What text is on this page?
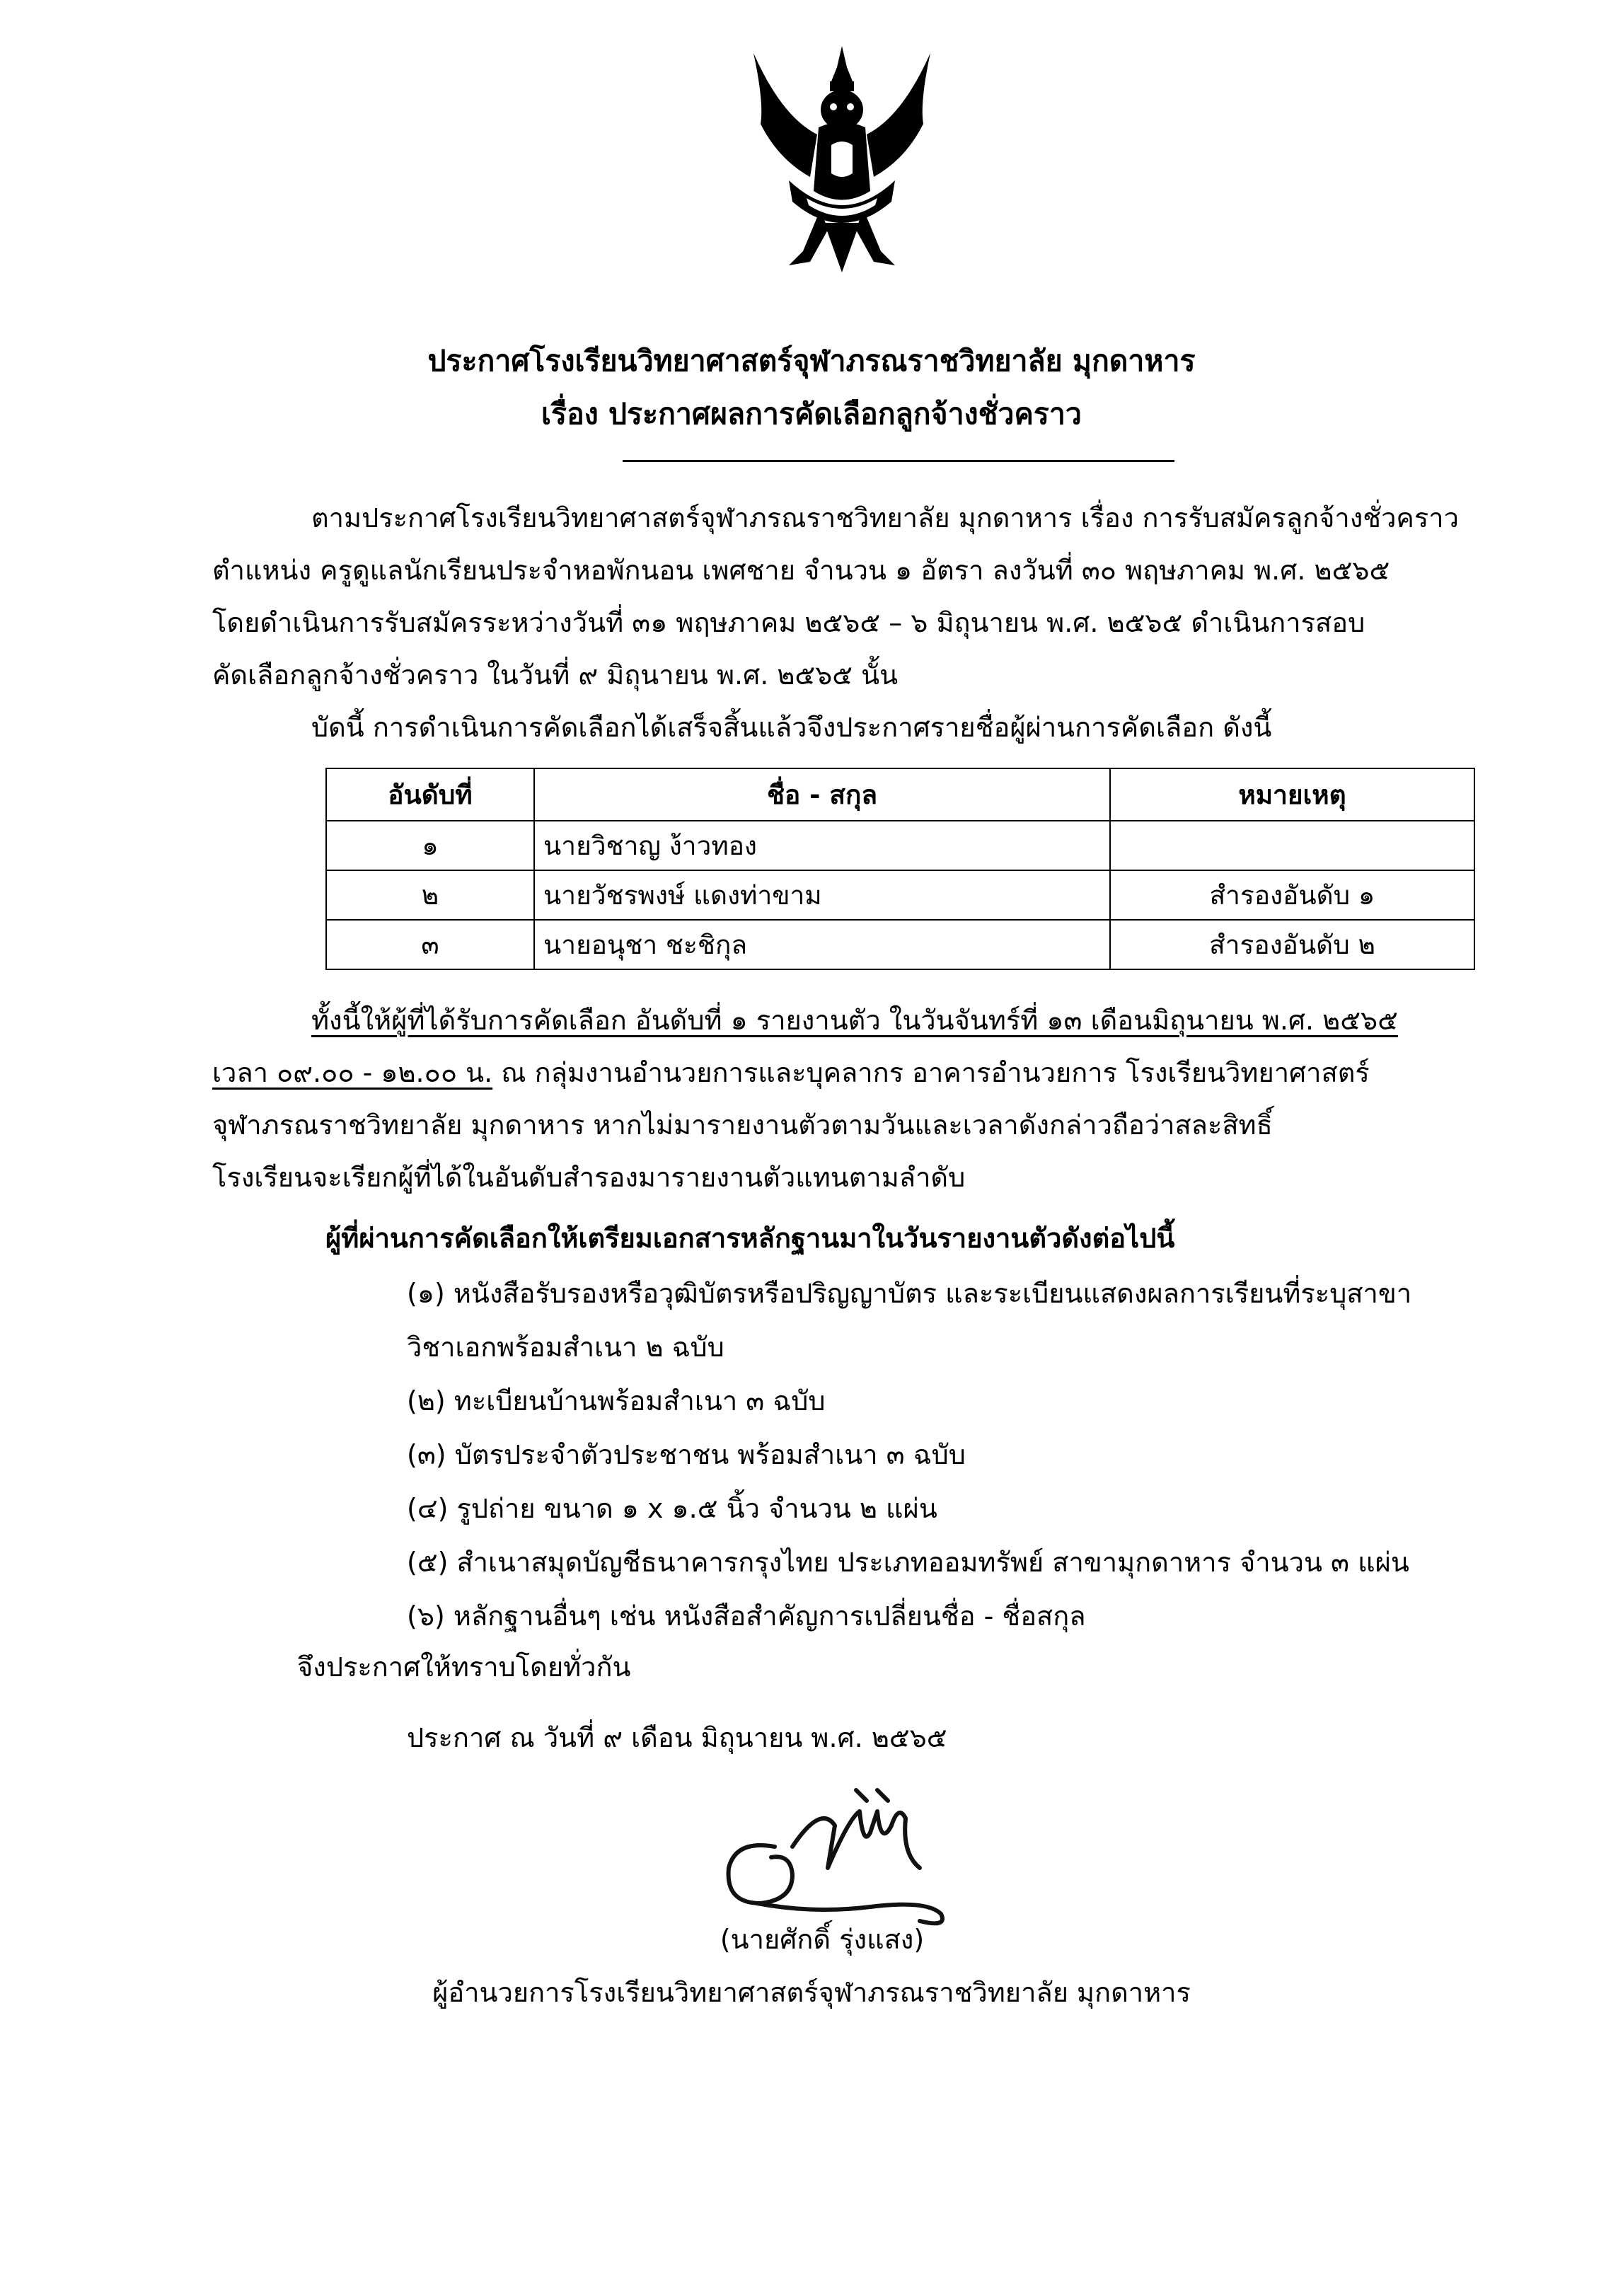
ประกาศโรงเรียนวิทยาศาสตร์จุฬาภรณราชวิทยาลัย มุกดาหาร
เรื่อง ประกาศผลการคัดเลือกลูกจ้างชั่วคราว

ตามประกาศโรงเรียนวิทยาศาสตร์จุฬาภรณราชวิทยาลัย มุกดาหาร เรื่อง การรับสมัครลูกจ้างชั่วคราว
ตำแหน่ง ครูดูแลนักเรียนประจำหอพักนอน เพศชาย จำนวน ๑ อัตรา ลงวันที่ ๓๐ พฤษภาคม พ.ศ. ๒๕๖๕
โดยดำเนินการรับสมัครระหว่างวันที่ ๓๑ พฤษภาคม ๒๕๖๕ – ๖ มิถุนายน พ.ศ. ๒๕๖๕ ดำเนินการสอบ
คัดเลือกลูกจ้างชั่วคราว ในวันที่ ๙ มิถุนายน พ.ศ. ๒๕๖๕ นั้น
บัดนี้ การดำเนินการคัดเลือกได้เสร็จสิ้นแล้วจึงประกาศรายชื่อผู้ผ่านการคัดเลือก ดังนี้

อันดับที่	ชื่อ - สกุล	หมายเหตุ
๑	นายวิชาญ ง้าวทอง	
๒	นายวัชรพงษ์ แดงท่าขาม	สำรองอันดับ ๑
๓	นายอนุชา ชะชิกุล	สำรองอันดับ ๒

ทั้งนี้ให้ผู้ที่ได้รับการคัดเลือก อันดับที่ ๑ รายงานตัว ในวันจันทร์ที่ ๑๓ เดือนมิถุนายน พ.ศ. ๒๕๖๕
เวลา ๐๙.๐๐ - ๑๒.๐๐ น. ณ กลุ่มงานอำนวยการและบุคลากร อาคารอำนวยการ โรงเรียนวิทยาศาสตร์
จุฬาภรณราชวิทยาลัย มุกดาหาร หากไม่มารายงานตัวตามวันและเวลาดังกล่าวถือว่าสละสิทธิ์
โรงเรียนจะเรียกผู้ที่ได้ในอันดับสำรองมารายงานตัวแทนตามลำดับ

ผู้ที่ผ่านการคัดเลือกให้เตรียมเอกสารหลักฐานมาในวันรายงานตัวดังต่อไปนี้
(๑) หนังสือรับรองหรือวุฒิบัตรหรือปริญญาบัตร และระเบียนแสดงผลการเรียนที่ระบุสาขา
วิชาเอกพร้อมสำเนา ๒ ฉบับ
(๒) ทะเบียนบ้านพร้อมสำเนา ๓ ฉบับ
(๓) บัตรประจำตัวประชาชน พร้อมสำเนา ๓ ฉบับ
(๔) รูปถ่าย ขนาด ๑ x ๑.๕ นิ้ว จำนวน ๒ แผ่น
(๕) สำเนาสมุดบัญชีธนาคารกรุงไทย ประเภทออมทรัพย์ สาขามุกดาหาร จำนวน ๓ แผ่น
(๖) หลักฐานอื่นๆ เช่น หนังสือสำคัญการเปลี่ยนชื่อ - ชื่อสกุล
จึงประกาศให้ทราบโดยทั่วกัน
ประกาศ ณ วันที่ ๙ เดือน มิถุนายน พ.ศ. ๒๕๖๕
(นายศักดิ์ รุ่งแสง)
ผู้อำนวยการโรงเรียนวิทยาศาสตร์จุฬาภรณราชวิทยาลัย มุกดาหาร
